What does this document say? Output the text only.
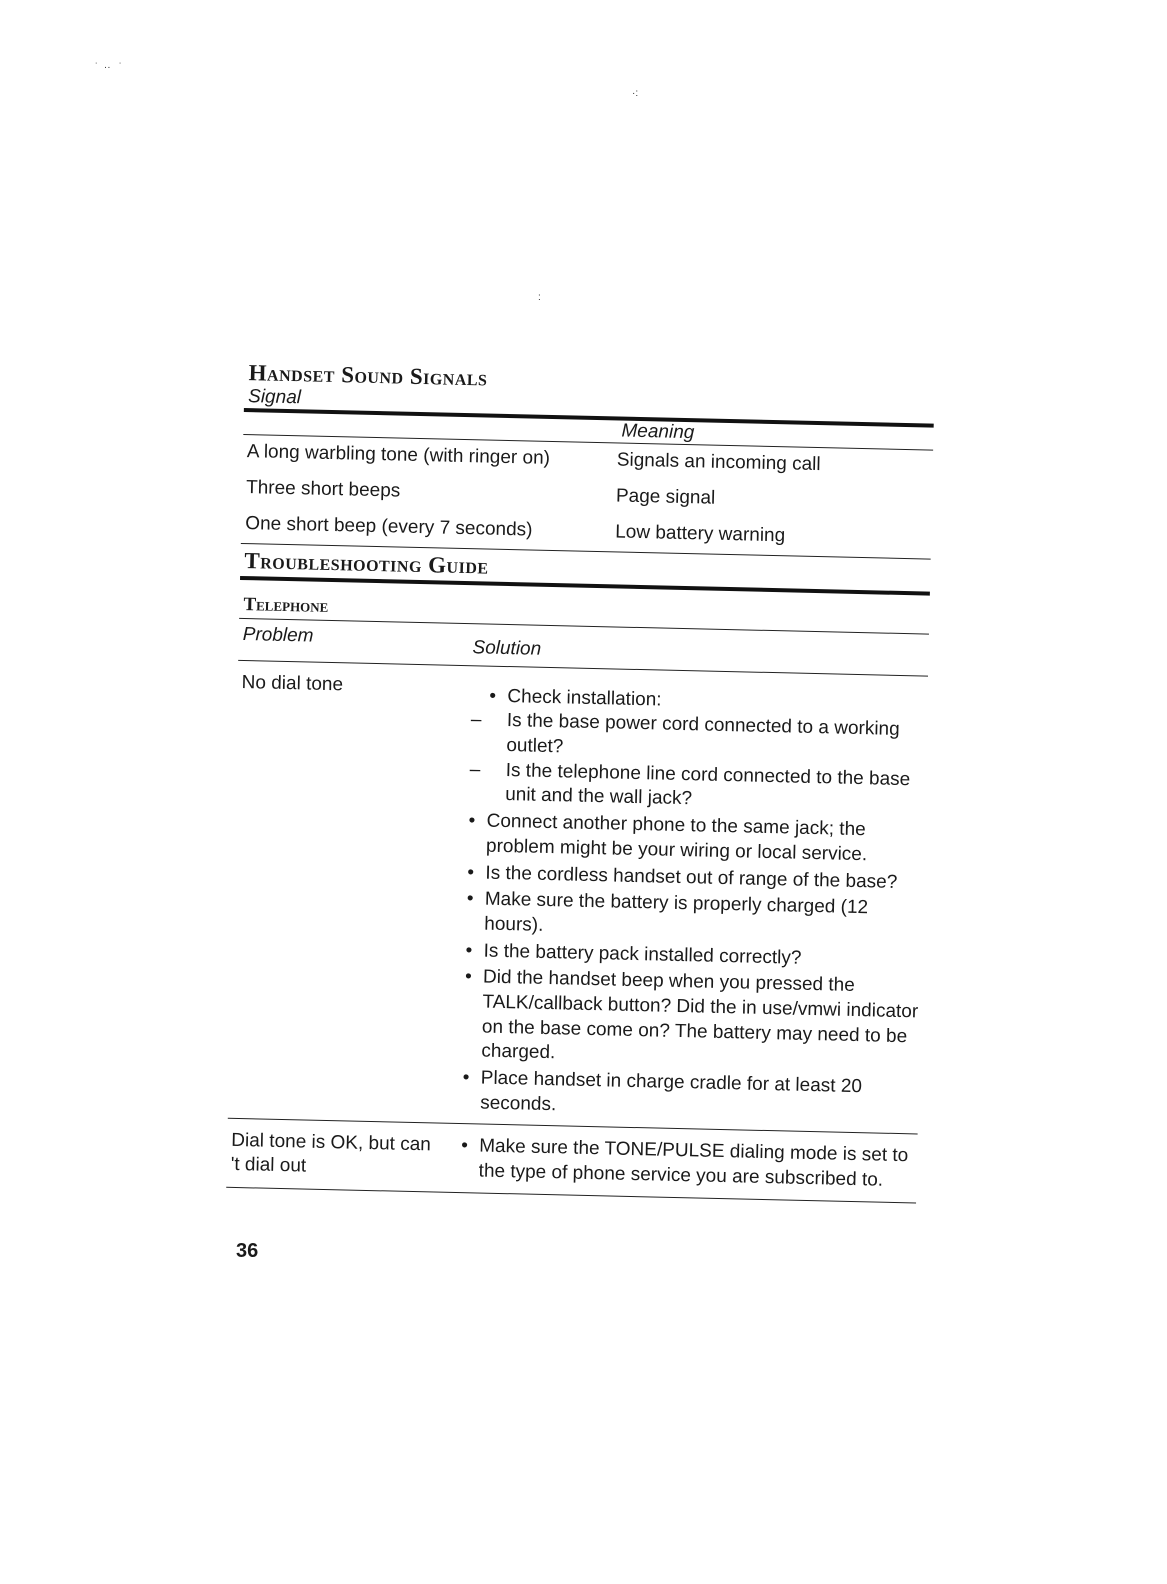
˙  ··   ˙
·:
:
Handset Sound Signals
Signal
Meaning
A long warbling tone (with ringer on)	Signals an incoming call
Three short beeps	Page signal
One short beep (every 7 seconds)	Low battery warning
Troubleshooting Guide
Telephone
Problem
Solution
No dial tone
• Check installation:
– Is the base power cord connected to a working outlet?
– Is the telephone line cord connected to the base unit and the wall jack?
• Connect another phone to the same jack; the problem might be your wiring or local service.
• Is the cordless handset out of range of the base?
• Make sure the battery is properly charged (12 hours).
• Is the battery pack installed correctly?
• Did the handset beep when you pressed the TALK/callback button? Did the in use/vmwi indicator on the base come on? The battery may need to be charged.
• Place handset in charge cradle for at least 20 seconds.
Dial tone is OK, but can 't dial out
•	Make sure the TONE/PULSE dialing mode is set to the type of phone service you are subscribed to.
36
